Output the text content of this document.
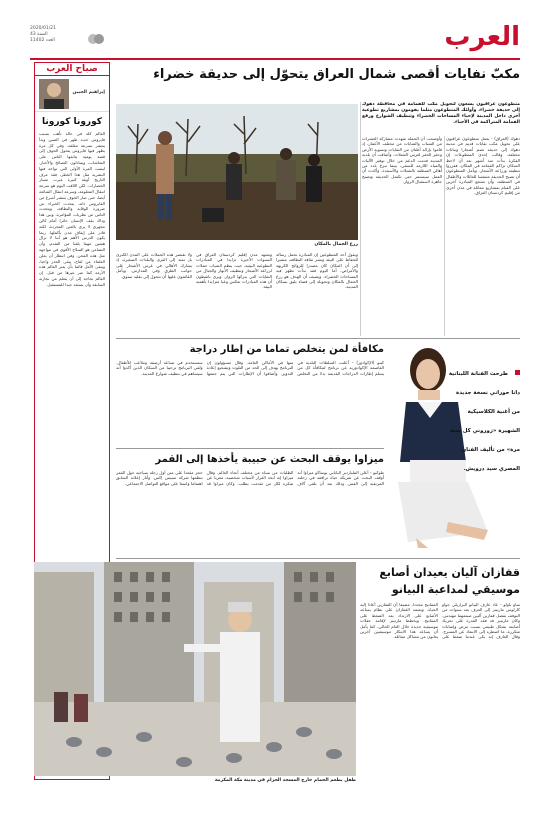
العرب
2020/01/21
السنة 43
العدد 11402
صباح العرب
إبراهيم الجبين
كورونا كورونا
العالم كله في حالة تأهب بسبب فايروس جديد ظهر في الصين وبدأ ينتشر بسرعة مقلقة. وفي كل مرة يظهر فيها فايروس يتحول الخوف إلى قصة يومية يتابعها الناس على الشاشات، ويتبادلون النصائح والأخبار. ليست المرة الأولى التي تواجه فيها البشرية مثل هذا الخطر، فقد عرف التاريخ أوبئة كثيرة غيرت مسار الحضارات. لكن اللافت اليوم هو سرعة انتقال المعلومة، وسرعة انتقال الشائعة أيضا، حتى صار الخوف ينتشر أسرع من الفايروس ذاته. يتحدث الخبراء عن ضرورة الوقاية والنظافة، ويتحدث الناس عن نظريات المؤامرة، وبين هذا وذاك يقف الإنسان حائرا أمام كائن مجهري لا يرى بالعين المجردة، لكنه قادر على إيقاف مدن بأكملها. ربما يكون الدرس الأهم هو أننا لا نزال هشين مهما بلغنا من التقدم، وأن التضامن هو السلاح الأقوى في مواجهة مثل هذه المحن. وفي انتظار أن يعلن العلماء عن لقاح، يبقى الحذر واجبا، ويبقى الأمل قائما بأن يعبر العالم هذه الأزمة كما عبر غيرها من قبل. إن العالم بحاجة إلى أن يتعلم من تجاربه السابقة وأن يستعد جيدا للمستقبل.
مكبّ نفايات أقصى شمال العراق يتحوّل إلى حديقة خضراء
زرع الجمال بالمكان
متطوعون عراقيون يسعون لتحويل مكب للقمامة في محافظة دهوك إلى حديقة خضراء، وأولئك المتطوعون مثلما يقومون بمشاريع تطوعية أخرى داخل المدينة لإحياء المساحات الخضراء وتنظيف الشوارع ورفع القمامة المتراكمة في الأحياء.
دهوك (العراق) - يعمل متطوعون عراقيون على تحويل مكب نفايات قديم في مدينة دهوك إلى حديقة تضم أشجارا ونباتات مختلفة. وقالت إحدى المتطوعات إن الفكرة بدأت منذ أشهر بعد أن لاحظ السكان تراكم القمامة في المكان، فقرروا تنظيفه وزراعة الأشجار. ويأمل المتطوعون أن تصبح الحديقة متنفسا للعائلات والأطفال في المنطقة، وأن تشجع المبادرة آخرين على القيام بمشاريع مماثلة في مدن أخرى من إقليم كردستان العراق.
وأوضحت أن الحملة شهدت مشاركة العشرات من الشباب والشابات من مختلف الأعمار، إذ قاموا بإزالة أطنان من النفايات وتسوية الأرض وحفر الحفر لغرس الشتلات. وأضافت أن بلدية المدينة قدمت الدعم من خلال توفير الآليات والمياه اللازمة للسقي، بينما تبرع عدد من أهالي المنطقة بالشتلات والأسمدة. وأكدت أن العمل سيستمر حتى تكتمل الحديقة وتصبح جاهزة لاستقبال الزوار.
ويقول أحد المتطوعين إن المبادرة تحمل رسالة للحفاظ على البيئة ونشر ثقافة النظافة، مشيرا إلى أن المكان كان مصدرا للروائح الكريهة والأمراض، أما اليوم فقد بدأت تظهر فيه المساحات الخضراء. ويضيف أن الهدف هو زرع الجمال بالمكان وتحويله إلى فضاء يليق بسكان المدينة.
وتشهد مدن إقليم كردستان العراق في السنوات الأخيرة تزايدا في المبادرات التطوعية البيئية، حيث ينظم الشباب حملات لزراعة الأشجار وتنظيف الأنهار والجبال من النفايات التي يتركها الزوار. ويرى ناشطون أن هذه المبادرات تعكس وعيا متزايدا بأهمية البيئة.
ولا تقتصر هذه الحملات على المدن الكبرى بل تمتد إلى القرى والبلدات الصغيرة، إذ يشارك الأهالي في غرس الأشجار على جوانب الطرق وفي المدارس. ويأمل القائمون عليها أن تتحول إلى تقليد سنوي.
مكافأة لمن يتخلص تماما من إطار دراجة
كيتو (الإكوادور) - أعلنت السلطات البلدية في العاصمة الإكوادورية عن برنامج لمكافأة كل من يسلم إطارات الدراجات القديمة بدلا من التخلص منها في الأماكن العامة. وقال مسؤولون إن البرنامج يهدف إلى الحد من التلوث وتشجيع إعادة التدوير. وأضافوا أن الإطارات التي يتم جمعها ستستخدم في صناعة أرصفة وملاعب للأطفال. ولقي البرنامج ترحيبا من السكان الذين أكدوا أنه سيساهم في تنظيف شوارع المدينة.
ميزاوا يوقف البحث عن حبيبة يأخذها إلى القمر
طوكيو - أعلن الملياردير الياباني يوساكو ميزاوا أنه أوقف البحث عن شريكة حياة ترافقه في رحلته المرتقبة إلى القمر، وذلك بعد أن تلقى آلاف الطلبات من نساء من مختلف أنحاء العالم. وقال ميزاوا إنه اتخذ القرار لأسباب شخصية، معربا عن شكره لكل من تقدمت بطلب. وكان ميزاوا قد حجز مقعدا على متن أول رحلة سياحية حول القمر تنظمها شركة سبيس إكس. وأثار إعلانه السابق اهتماما واسعا على مواقع التواصل الاجتماعي.
طرحت الفنانة اللبنانية دانا حوراني نسخة جديدة من أغنية الكلاسيكية الشهيرة «زوروني كل سنة مرة» من تأليف الفنان المصري سيد درويش.
طفل يطعم الحمام خارج المسجد الحرام في مدينة مكة المكرمة
قفازان آليان يعيدان أصابع موسيقي لمداعبة البيانو
ساو باولو - عاد عازف البيانو البرازيلي جواو كارلوس مارتينز إلى العزف بعد سنوات من التوقف بفضل قفازين آليين صممهما مهندس. وكان مارتينز قد فقد القدرة على تحريك أصابعه بشكل طبيعي بسبب مرض وإصابات متكررة، ما اضطره إلى الابتعاد عن المسرح. وقال العازف إنه بكى عندما ضغط على المفاتيح مجددا، مضيفا أن القفازين أعادا إليه الحياة. ويعتمد القفازان على نظام يساعد الأصابع على الارتداد بعد الضغط على المفاتيح. ويخطط مارتينز لإقامة حفلات موسيقية جديدة خلال العام الحالي، كما يأمل أن يساعد هذا الابتكار موسيقيين آخرين يعانون من مشاكل مماثلة.
